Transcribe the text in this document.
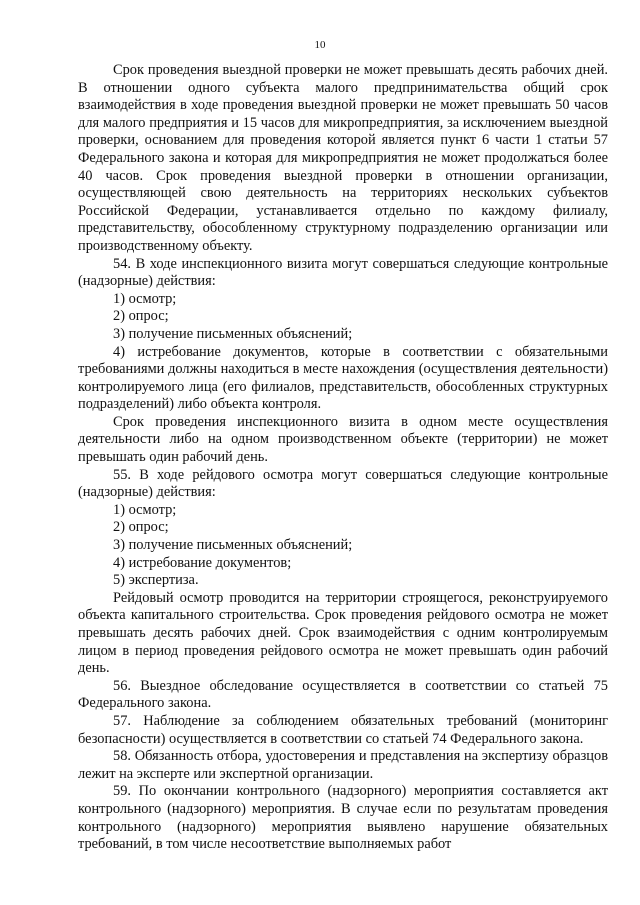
10

Срок проведения выездной проверки не может превышать десять рабочих дней. В отношении одного субъекта малого предпринимательства общий срок взаимодействия в ходе проведения выездной проверки не может превышать 50 часов для малого предприятия и 15 часов для микропредприятия, за исключением выездной проверки, основанием для проведения которой является пункт 6 части 1 статьи 57 Федерального закона и которая для микропредприятия не может продолжаться более 40 часов. Срок проведения выездной проверки в отношении организации, осуществляющей свою деятельность на территориях нескольких субъектов Российской Федерации, устанавливается отдельно по каждому филиалу, представительству, обособленному структурному подразделению организации или производственному объекту.

54. В ходе инспекционного визита могут совершаться следующие контрольные (надзорные) действия:

1) осмотр;

2) опрос;

3) получение письменных объяснений;

4) истребование документов, которые в соответствии с обязательными требованиями должны находиться в месте нахождения (осуществления деятельности) контролируемого лица (его филиалов, представительств, обособленных структурных подразделений) либо объекта контроля.

Срок проведения инспекционного визита в одном месте осуществления деятельности либо на одном производственном объекте (территории) не может превышать один рабочий день.

55. В ходе рейдового осмотра могут совершаться следующие контрольные (надзорные) действия:

1) осмотр;

2) опрос;

3) получение письменных объяснений;

4) истребование документов;

5) экспертиза.

Рейдовый осмотр проводится на территории строящегося, реконструируемого объекта капитального строительства. Срок проведения рейдового осмотра не может превышать десять рабочих дней. Срок взаимодействия с одним контролируемым лицом в период проведения рейдового осмотра не может превышать один рабочий день.

56. Выездное обследование осуществляется в соответствии со статьей 75 Федерального закона.

57. Наблюдение за соблюдением обязательных требований (мониторинг безопасности) осуществляется в соответствии со статьей 74 Федерального закона.

58. Обязанность отбора, удостоверения и представления на экспертизу образцов лежит на эксперте или экспертной организации.

59. По окончании контрольного (надзорного) мероприятия составляется акт контрольного (надзорного) мероприятия. В случае если по результатам проведения контрольного (надзорного) мероприятия выявлено нарушение обязательных требований, в том числе несоответствие выполняемых работ
